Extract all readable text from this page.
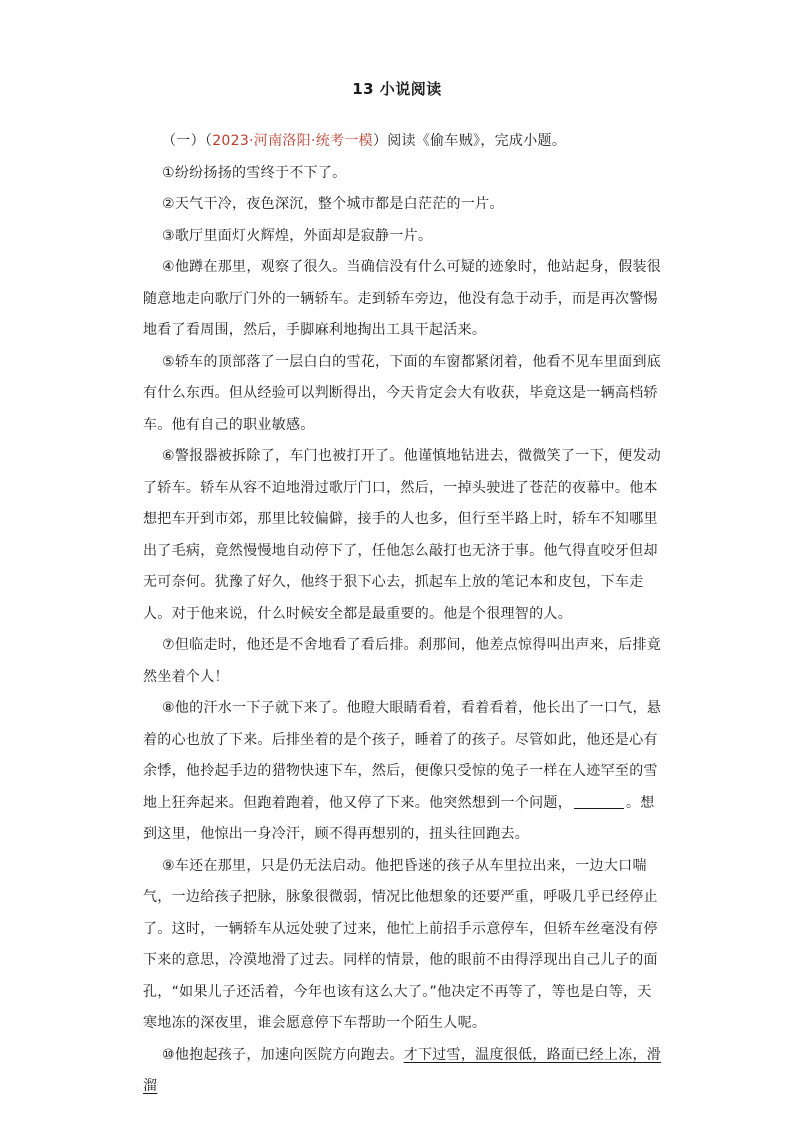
13 小说阅读

（一）（2023·河南洛阳·统考一模）阅读《偷车贼》，完成小题。

①纷纷扬扬的雪终于不下了。

②天气干冷，夜色深沉，整个城市都是白茫茫的一片。

③歌厅里面灯火辉煌，外面却是寂静一片。

④他蹲在那里，观察了很久。当确信没有什么可疑的迹象时，他站起身，假装很随意地走向歌厅门外的一辆轿车。走到轿车旁边，他没有急于动手，而是再次警惕地看了看周围，然后，手脚麻利地掏出工具干起活来。

⑤轿车的顶部落了一层白白的雪花，下面的车窗都紧闭着，他看不见车里面到底有什么东西。但从经验可以判断得出，今天肯定会大有收获，毕竟这是一辆高档轿车。他有自己的职业敏感。

⑥警报器被拆除了，车门也被打开了。他谨慎地钻进去，微微笑了一下，便发动了轿车。轿车从容不迫地滑过歌厅门口，然后，一掉头驶进了苍茫的夜幕中。他本想把车开到市郊，那里比较偏僻，接手的人也多，但行至半路上时，轿车不知哪里出了毛病，竟然慢慢地自动停下了，任他怎么敲打也无济于事。他气得直咬牙但却无可奈何。犹豫了好久，他终于狠下心去，抓起车上放的笔记本和皮包，下车走人。对于他来说，什么时候安全都是最重要的。他是个很理智的人。

⑦但临走时，他还是不舍地看了看后排。刹那间，他差点惊得叫出声来，后排竟然坐着个人！

⑧他的汗水一下子就下来了。他瞪大眼睛看着，看着看着，他长出了一口气，悬着的心也放了下来。后排坐着的是个孩子，睡着了的孩子。尽管如此，他还是心有余悸，他拎起手边的猎物快速下车，然后，便像只受惊的兔子一样在人迹罕至的雪地上狂奔起来。但跑着跑着，他又停了下来。他突然想到一个问题，	。想到这里，他惊出一身冷汗，顾不得再想别的，扭头往回跑去。

⑨车还在那里，只是仍无法启动。他把昏迷的孩子从车里拉出来，一边大口喘气，一边给孩子把脉，脉象很微弱，情况比他想象的还要严重，呼吸几乎已经停止了。这时，一辆轿车从远处驶了过来，他忙上前招手示意停车，但轿车丝毫没有停下来的意思，冷漠地滑了过去。同样的情景，他的眼前不由得浮现出自己儿子的面孔，“如果儿子还活着，今年也该有这么大了。”他决定不再等了，等也是白等，天寒地冻的深夜里，谁会愿意停下车帮助一个陌生人呢。

⑩他抱起孩子，加速向医院方向跑去。才下过雪，温度很低，路面已经上冻，滑溜
